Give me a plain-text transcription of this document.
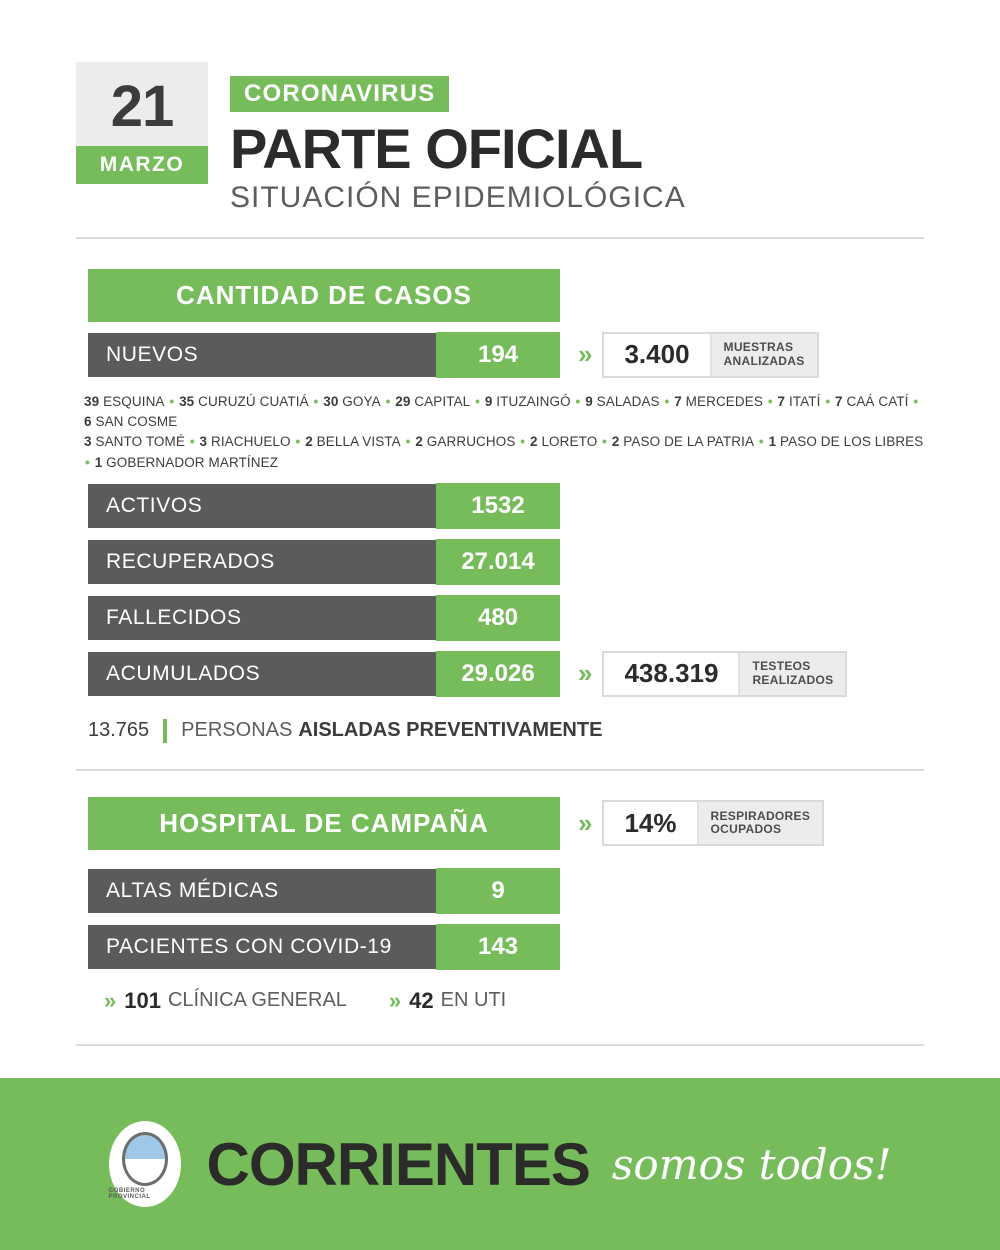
21
MARZO
CORONAVIRUS
PARTE OFICIAL
SITUACIÓN EPIDEMIOLÓGICA
CANTIDAD DE CASOS
NUEVOS	194	»	3.400	MUESTRAS
ANALIZADAS
39 ESQUINA • 35 CURUZÚ CUATIÁ • 30 GOYA • 29 CAPITAL • 9 ITUZAINGÓ • 9 SALADAS • 7 MERCEDES • 7 ITATÍ • 7 CAÁ CATÍ • 6 SAN COSME
3 SANTO TOMÉ • 3 RIACHUELO • 2 BELLA VISTA • 2 GARRUCHOS • 2 LORETO • 2 PASO DE LA PATRIA • 1 PASO DE LOS LIBRES • 1 GOBERNADOR MARTÍNEZ
ACTIVOS	1532
RECUPERADOS	27.014
FALLECIDOS	480
ACUMULADOS	29.026	»	438.319	TESTEOS
REALIZADOS
13.765 PERSONAS AISLADAS PREVENTIVAMENTE
HOSPITAL DE CAMPAÑA	»	14%	RESPIRADORES
OCUPADOS
ALTAS MÉDICAS	9
PACIENTES CON COVID-19	143
» 101 CLÍNICA GENERAL » 42 EN UTI
GOBIERNO PROVINCIAL CORRIENTES somos todos!
